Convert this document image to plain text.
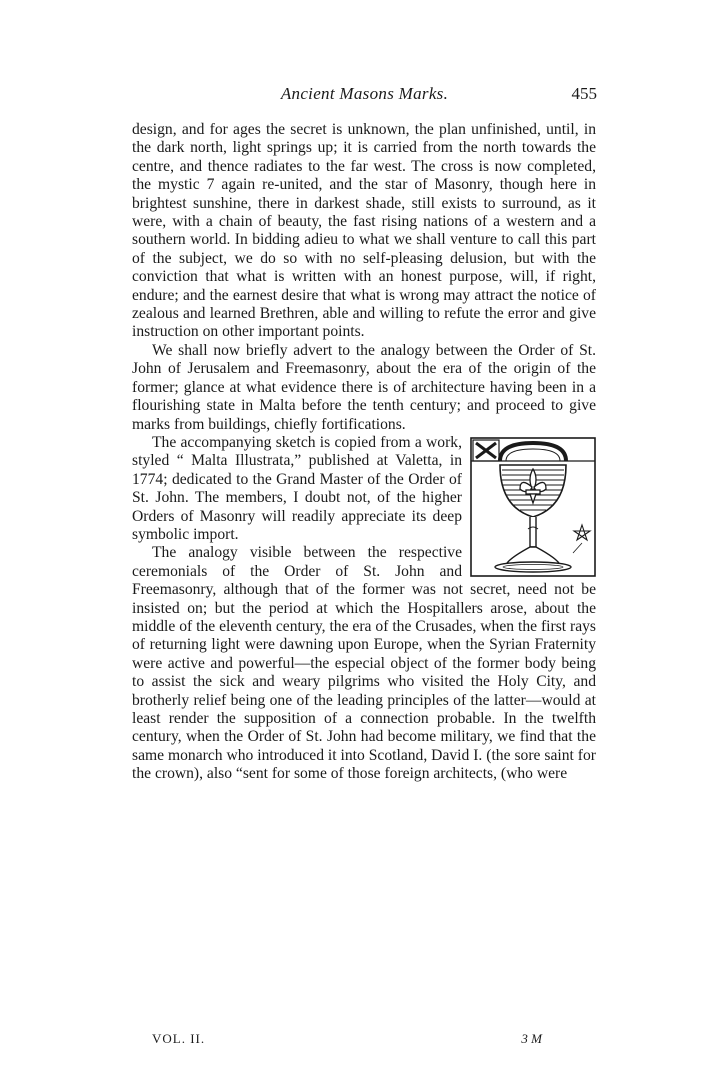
Ancient Masons Marks.	455

design, and for ages the secret is unknown, the plan unfinished, until, in the dark north, light springs up; it is carried from the north towards the centre, and thence radiates to the far west. The cross is now completed, the mystic 7 again re-united, and the star of Masonry, though here in brightest sunshine, there in darkest shade, still exists to surround, as it were, with a chain of beauty, the fast rising nations of a western and a southern world. In bidding adieu to what we shall venture to call this part of the subject, we do so with no self-pleasing delusion, but with the conviction that what is written with an honest purpose, will, if right, endure; and the earnest desire that what is wrong may attract the notice of zealous and learned Brethren, able and willing to refute the error and give instruction on other important points.

We shall now briefly advert to the analogy between the Order of St. John of Jerusalem and Freemasonry, about the era of the origin of the former; glance at what evidence there is of architecture having been in a flourishing state in Malta before the tenth century; and proceed to give marks from buildings, chiefly fortifications.

The accompanying sketch is copied from a work, styled “ Malta Illustrata,” published at Valetta, in 1774; dedicated to the Grand Master of the Order of St. John. The members, I doubt not, of the higher Orders of Masonry will readily appreciate its deep symbolic import.

The analogy visible between the respective ceremonials of the Order of St. John and Freemasonry, although that of the former was not secret, need not be insisted on; but the period at which the Hospitallers arose, about the middle of the eleventh century, the era of the Crusades, when the first rays of returning light were dawning upon Europe, when the Syrian Fraternity were active and powerful—the especial object of the former body being to assist the sick and weary pilgrims who visited the Holy City, and brotherly relief being one of the leading principles of the latter—would at least render the supposition of a connection probable. In the twelfth century, when the Order of St. John had become military, we find that the same monarch who introduced it into Scotland, David I. (the sore saint for the crown), also “sent for some of those foreign architects, (who were

VOL. II.	3 M
